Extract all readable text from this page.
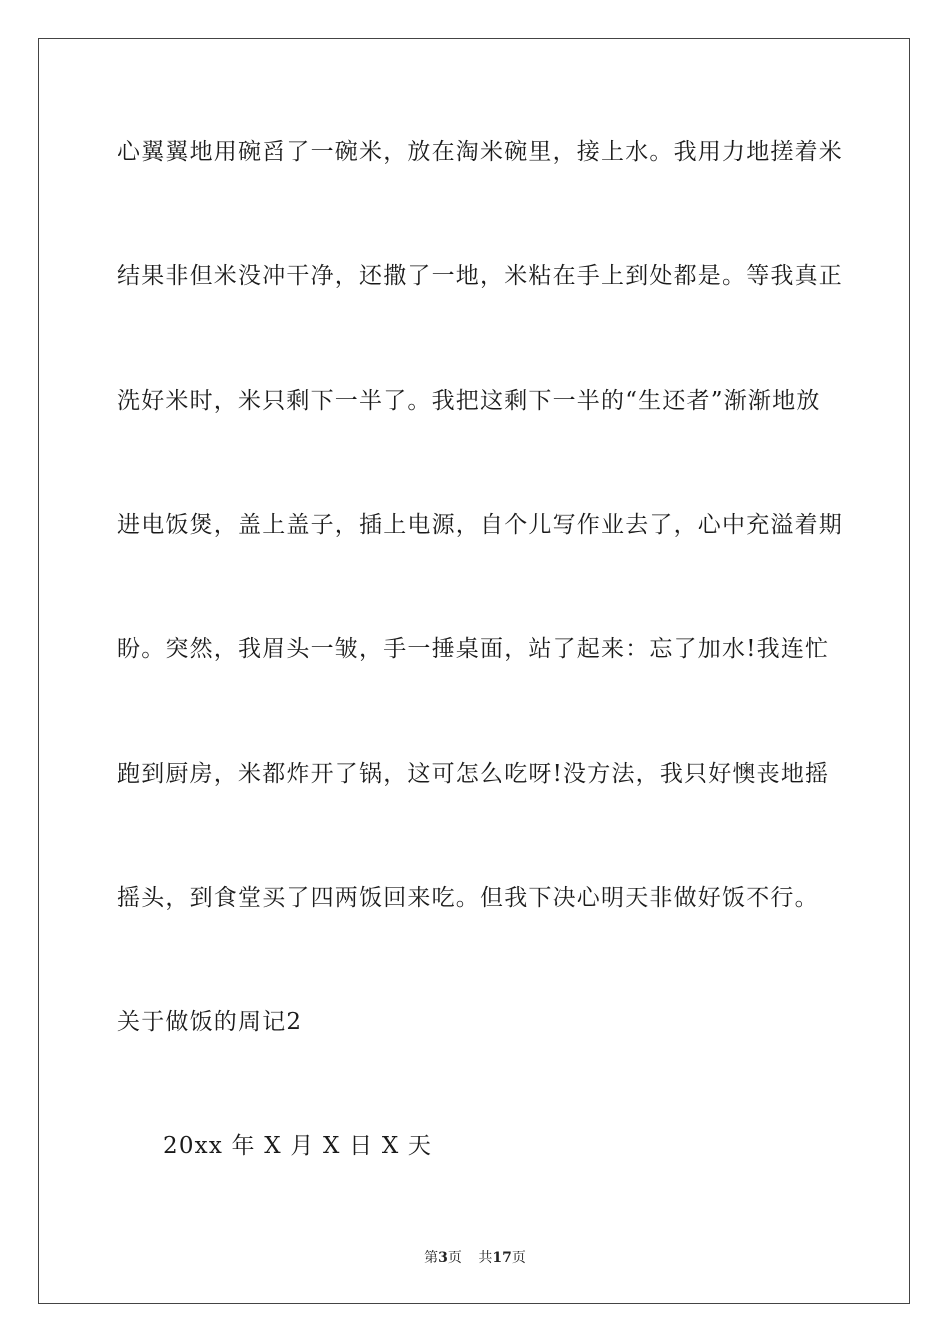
心翼翼地用碗舀了一碗米，放在淘米碗里，接上水。我用力地搓着米
结果非但米没冲干净，还撒了一地，米粘在手上到处都是。等我真正
洗好米时，米只剩下一半了。我把这剩下一半的“生还者”渐渐地放
进电饭煲，盖上盖子，插上电源，自个儿写作业去了，心中充溢着期
盼。突然，我眉头一皱，手一捶桌面，站了起来：忘了加水!我连忙
跑到厨房，米都炸开了锅，这可怎么吃呀!没方法，我只好懊丧地摇
摇头，到食堂买了四两饭回来吃。但我下决心明天非做好饭不行。
关于做饭的周记2
20xx 年 X 月 X 日 X 天
第3页 共17页
